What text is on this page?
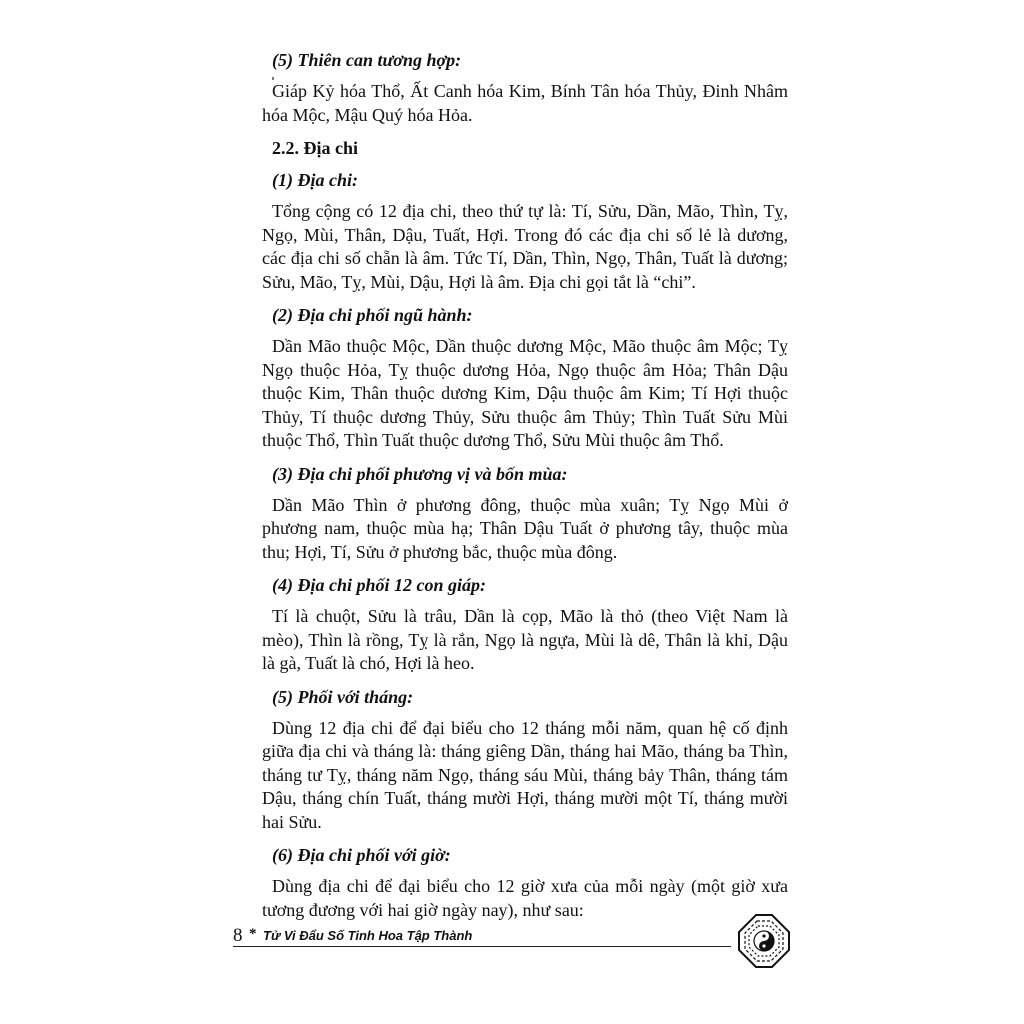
(5) Thiên can tương hợp:
Giáp Kỷ hóa Thổ, Ất Canh hóa Kim, Bính Tân hóa Thủy, Đinh Nhâm hóa Mộc, Mậu Quý hóa Hỏa.
2.2. Địa chi
(1) Địa chi:
Tổng cộng có 12 địa chi, theo thứ tự là: Tí, Sửu, Dần, Mão, Thìn, Tỵ, Ngọ, Mùi, Thân, Dậu, Tuất, Hợi. Trong đó các địa chi số lẻ là dương, các địa chi số chẵn là âm. Tức Tí, Dần, Thìn, Ngọ, Thân, Tuất là dương; Sửu, Mão, Tỵ, Mùi, Dậu, Hợi là âm. Địa chi gọi tắt là “chi”.
(2) Địa chi phối ngũ hành:
Dần Mão thuộc Mộc, Dần thuộc dương Mộc, Mão thuộc âm Mộc; Tỵ Ngọ thuộc Hỏa, Tỵ thuộc dương Hỏa, Ngọ thuộc âm Hỏa; Thân Dậu thuộc Kim, Thân thuộc dương Kim, Dậu thuộc âm Kim; Tí Hợi thuộc Thủy, Tí thuộc dương Thủy, Sửu thuộc âm Thủy; Thìn Tuất Sửu Mùi thuộc Thổ, Thìn Tuất thuộc dương Thổ, Sửu Mùi thuộc âm Thổ.
(3) Địa chi phối phương vị và bốn mùa:
Dần Mão Thìn ở phương đông, thuộc mùa xuân; Tỵ Ngọ Mùi ở phương nam, thuộc mùa hạ; Thân Dậu Tuất ở phương tây, thuộc mùa thu; Hợi, Tí, Sửu ở phương bắc, thuộc mùa đông.
(4) Địa chi phối 12 con giáp:
Tí là chuột, Sửu là trâu, Dần là cọp, Mão là thỏ (theo Việt Nam là mèo), Thìn là rồng, Tỵ là rắn, Ngọ là ngựa, Mùi là dê, Thân là khỉ, Dậu là gà, Tuất là chó, Hợi là heo.
(5) Phối với tháng:
Dùng 12 địa chi để đại biểu cho 12 tháng mỗi năm, quan hệ cố định giữa địa chi và tháng là: tháng giêng Dần, tháng hai Mão, tháng ba Thìn, tháng tư Tỵ, tháng năm Ngọ, tháng sáu Mùi, tháng bảy Thân, tháng tám Dậu, tháng chín Tuất, tháng mười Hợi, tháng mười một Tí, tháng mười hai Sửu.
(6) Địa chi phối với giờ:
Dùng địa chi để đại biểu cho 12 giờ xưa của mỗi ngày (một giờ xưa tương đương với hai giờ ngày nay), như sau:
8 * Tử Vi Đẩu Số Tinh Hoa Tập Thành
